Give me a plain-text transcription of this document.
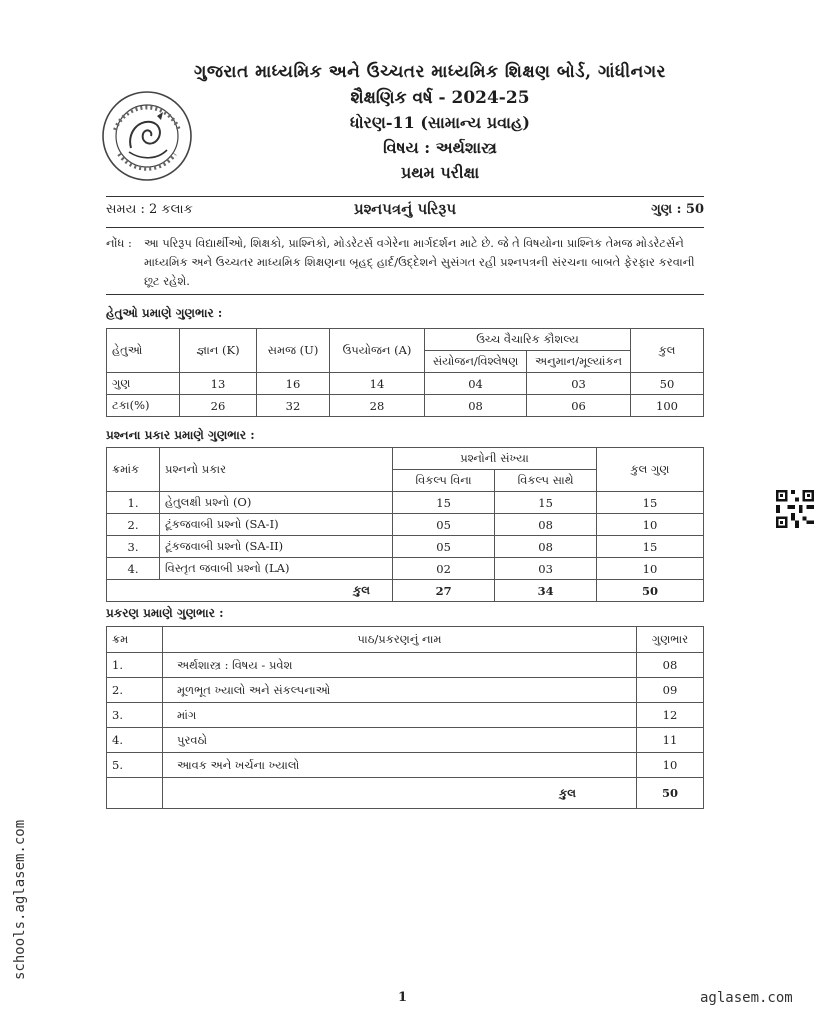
ગુજરાત માધ્યમિક અને ઉચ્ચતર માધ્યમિક શિક્ષણ બોર્ડ, ગાંધીનગર
શૈક્ષણિક વર્ષ - 2024-25
ધોરણ-11 (સામાન્ય પ્રવાહ)
વિષય : અર્થશાસ્ત્ર
પ્રથમ પરીક્ષા
સમય : 2 કલાક	પ્રશ્નપત્રનું પરિરૂપ	ગુણ : 50
નોંધ : આ પરિરૂપ વિદ્યાર્થીઓ, શિક્ષકો, પ્રાશ્નિકો, મોડરેટર્સ વગેરેના માર્ગદર્શન માટે છે. જે તે વિષયોના પ્રાશ્નિક તેમજ મોડરેટર્સને માધ્યમિક અને ઉચ્ચતર માધ્યમિક શિક્ષણના બૃહદ્ હાર્દ/ઉદ્દેશને સુસંગત રહી પ્રશ્નપત્રની સંરચના બાબતે ફેરફાર કરવાની છૂટ રહેશે.
હેતુઓ પ્રમાણે ગુણભાર :
હેતુઓ	જ્ઞાન (K)	સમજ (U)	ઉપયોજન (A)	ઉચ્ચ વૈચારિક કૌશલ્ય		કુલ
				સંયોજન/વિશ્લેષણ	અનુમાન/મૂલ્યાંકન	
ગુણ	13	16	14	04	03	50
ટકા(%)	26	32	28	08	06	100
પ્રશ્નના પ્રકાર પ્રમાણે ગુણભાર :
ક્રમાંક	પ્રશ્નનો પ્રકાર	પ્રશ્નોની સંખ્યા		કુલ ગુણ
		વિકલ્પ વિના	વિકલ્પ સાથે	
1.	હેતુલક્ષી પ્રશ્નો (O)	15	15	15
2.	ટૂંકજવાબી પ્રશ્નો (SA-I)	05	08	10
3.	ટૂંકજવાબી પ્રશ્નો (SA-II)	05	08	15
4.	વિસ્તૃત જવાબી પ્રશ્નો (LA)	02	03	10
કુલ		27	34	50
પ્રકરણ પ્રમાણે ગુણભાર :
ક્રમ	પાઠ/પ્રકરણનું નામ	ગુણભાર
1.	અર્થશાસ્ત્ર : વિષય - પ્રવેશ	08
2.	મૂળભૂત ખ્યાલો અને સંકલ્પનાઓ	09
3.	માંગ	12
4.	પુરવઠો	11
5.	આવક અને ખર્ચના ખ્યાલો	10
	કુલ	50
schools.aglasem.com
1	aglasem.com
